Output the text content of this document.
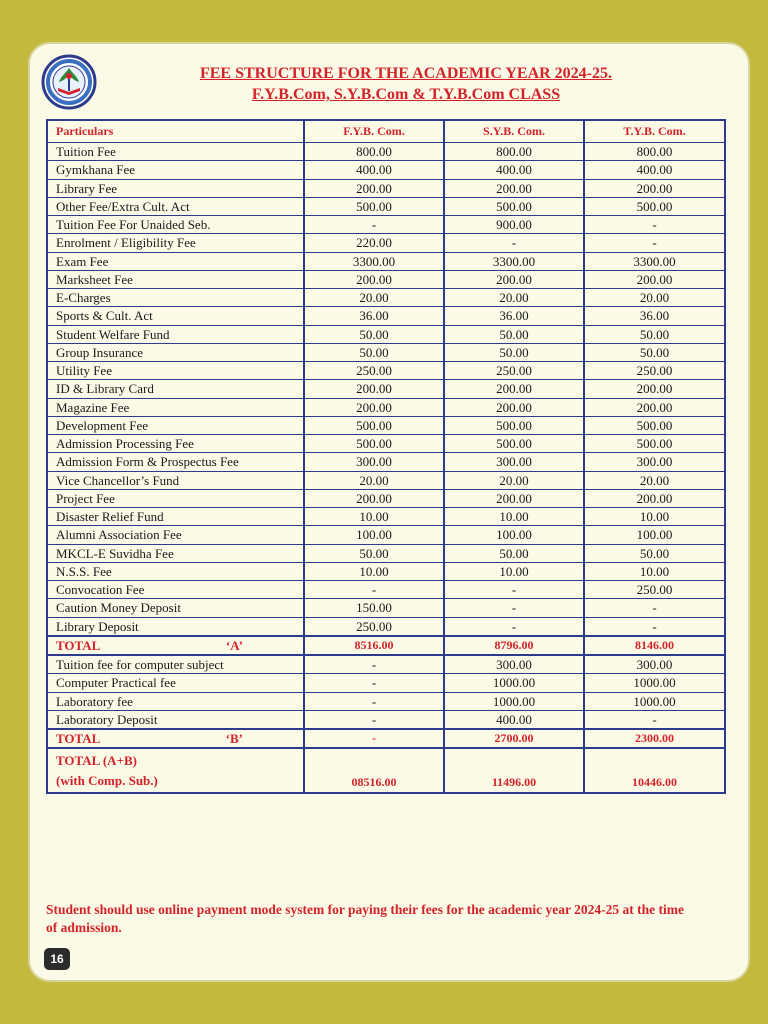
FEE STRUCTURE FOR THE ACADEMIC YEAR 2024-25.
F.Y.B.Com, S.Y.B.Com & T.Y.B.Com CLASS
Particulars	F.Y.B. Com.	S.Y.B. Com.	T.Y.B. Com.
Tuition Fee	800.00	800.00	800.00
Gymkhana Fee	400.00	400.00	400.00
Library Fee	200.00	200.00	200.00
Other Fee/Extra Cult. Act	500.00	500.00	500.00
Tuition Fee For Unaided Seb.	-	900.00	-
Enrolment / Eligibility Fee	220.00	-	-
Exam Fee	3300.00	3300.00	3300.00
Marksheet Fee	200.00	200.00	200.00
E-Charges	20.00	20.00	20.00
Sports & Cult. Act	36.00	36.00	36.00
Student Welfare Fund	50.00	50.00	50.00
Group Insurance	50.00	50.00	50.00
Utility Fee	250.00	250.00	250.00
ID & Library Card	200.00	200.00	200.00
Magazine Fee	200.00	200.00	200.00
Development Fee	500.00	500.00	500.00
Admission Processing Fee	500.00	500.00	500.00
Admission Form & Prospectus Fee	300.00	300.00	300.00
Vice Chancellor’s Fund	20.00	20.00	20.00
Project Fee	200.00	200.00	200.00
Disaster Relief Fund	10.00	10.00	10.00
Alumni Association Fee	100.00	100.00	100.00
MKCL-E Suvidha Fee	50.00	50.00	50.00
N.S.S. Fee	10.00	10.00	10.00
Convocation Fee	-	-	250.00
Caution Money Deposit	150.00	-	-
Library Deposit	250.00	-	-
TOTAL ‘A’	8516.00	8796.00	8146.00
Tuition fee for computer subject	-	300.00	300.00
Computer Practical fee	-	1000.00	1000.00
Laboratory fee	-	1000.00	1000.00
Laboratory Deposit	-	400.00	-
TOTAL ‘B’	-	2700.00	2300.00

TOTAL (A+B)
(with Comp. Sub.)	08516.00	11496.00	10446.00
Student should use online payment mode system for paying their fees for the academic year 2024-25 at the time of admission.
16
